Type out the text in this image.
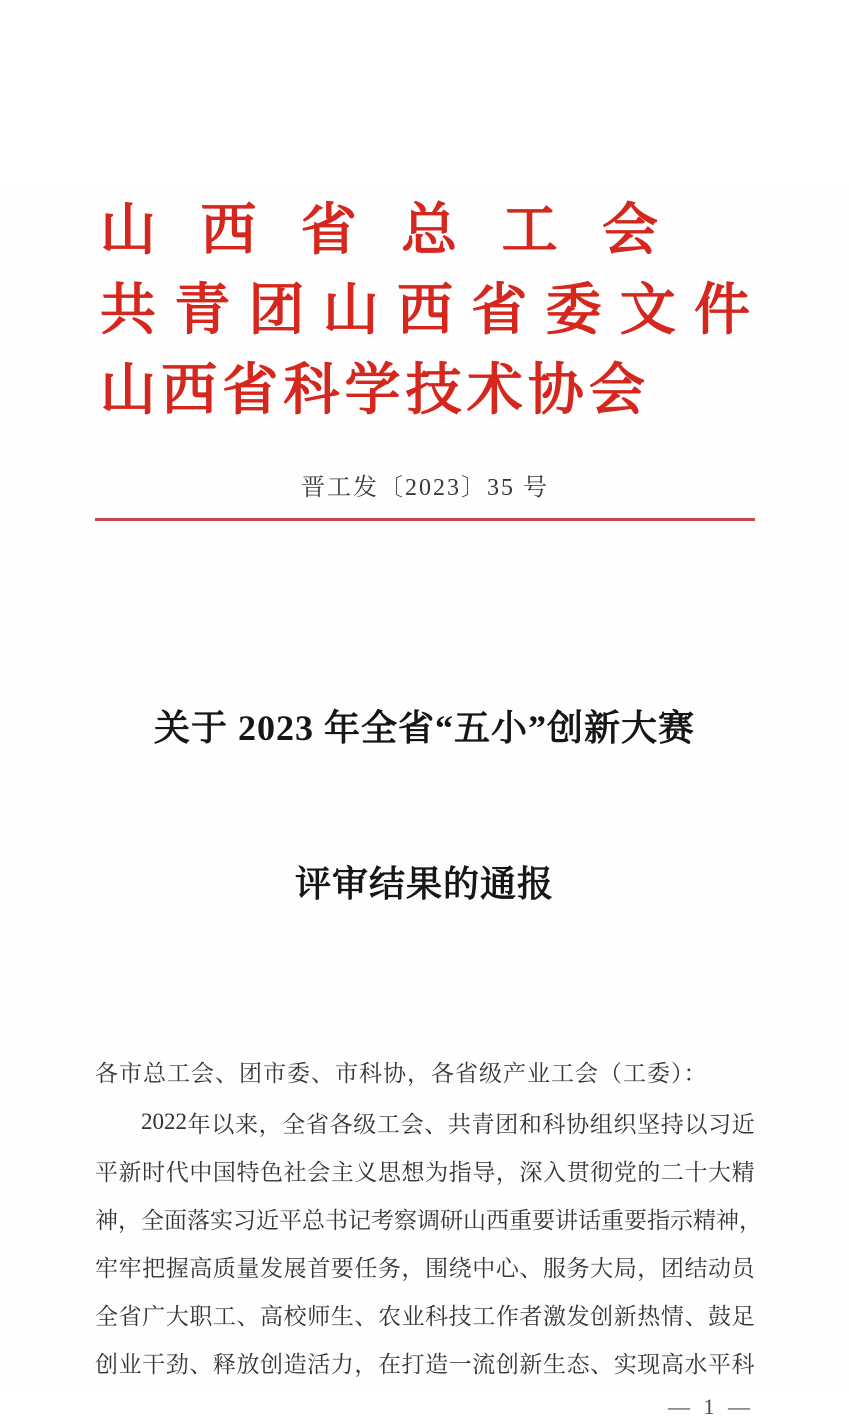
山 西 省 总 工 会
共 青 团 山 西 省 委 文 件
山 西 省 科 学 技 术 协 会
晋工发〔2023〕35 号

关于 2023 年全省“五小”创新大赛

评审结果的通报

各市总工会、团市委、市科协，各省级产业工会（工委）：
2022 年 以 来 ， 全 省 各 级 工 会 、 共 青 团 和 科 协 组 织 坚 持 以 习 近
平 新 时 代 中 国 特 色 社 会 主 义 思 想 为 指 导 ， 深 入 贯 彻 党 的 二 十 大 精
神 ， 全 面 落 实 习 近 平 总 书 记 考 察 调 研 山 西 重 要 讲 话 重 要 指 示 精 神 ，
牢 牢 把 握 高 质 量 发 展 首 要 任 务 ， 围 绕 中 心 、 服 务 大 局 ， 团 结 动 员
全 省 广 大 职 工 、 高 校 师 生 、 农 业 科 技 工 作 者 激 发 创 新 热 情 、 鼓 足
创 业 干 劲 、 释 放 创 造 活 力 ， 在 打 造 一 流 创 新 生 态 、 实 现 高 水 平 科
— 1 —
